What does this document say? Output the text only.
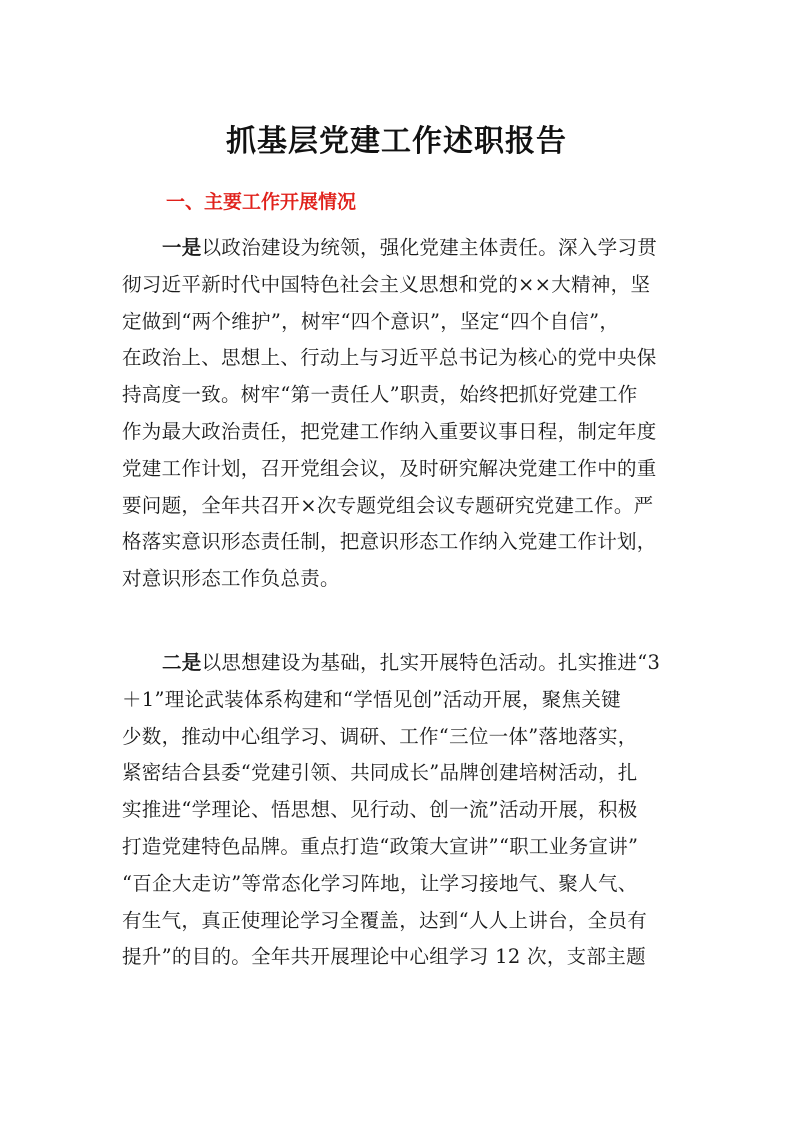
抓基层党建工作述职报告
一、主要工作开展情况
一是以政治建设为统领，强化党建主体责任。深入学习贯
彻习近平新时代中国特色社会主义思想和党的××大精神，坚
定做到“两个维护”，树牢“四个意识”，坚定“四个自信”，
在政治上、思想上、行动上与习近平总书记为核心的党中央保
持高度一致。树牢“第一责任人”职责，始终把抓好党建工作
作为最大政治责任，把党建工作纳入重要议事日程，制定年度
党建工作计划，召开党组会议，及时研究解决党建工作中的重
要问题，全年共召开×次专题党组会议专题研究党建工作。严
格落实意识形态责任制，把意识形态工作纳入党建工作计划，
对意识形态工作负总责。
二是以思想建设为基础，扎实开展特色活动。扎实推进“3
＋1”理论武装体系构建和“学悟见创”活动开展，聚焦关键
少数，推动中心组学习、调研、工作“三位一体”落地落实，
紧密结合县委“党建引领、共同成长”品牌创建培树活动，扎
实推进“学理论、悟思想、见行动、创一流”活动开展，积极
打造党建特色品牌。重点打造“政策大宣讲”“职工业务宣讲”
“百企大走访”等常态化学习阵地，让学习接地气、聚人气、
有生气，真正使理论学习全覆盖，达到“人人上讲台，全员有
提升”的目的。全年共开展理论中心组学习 12 次，支部主题
